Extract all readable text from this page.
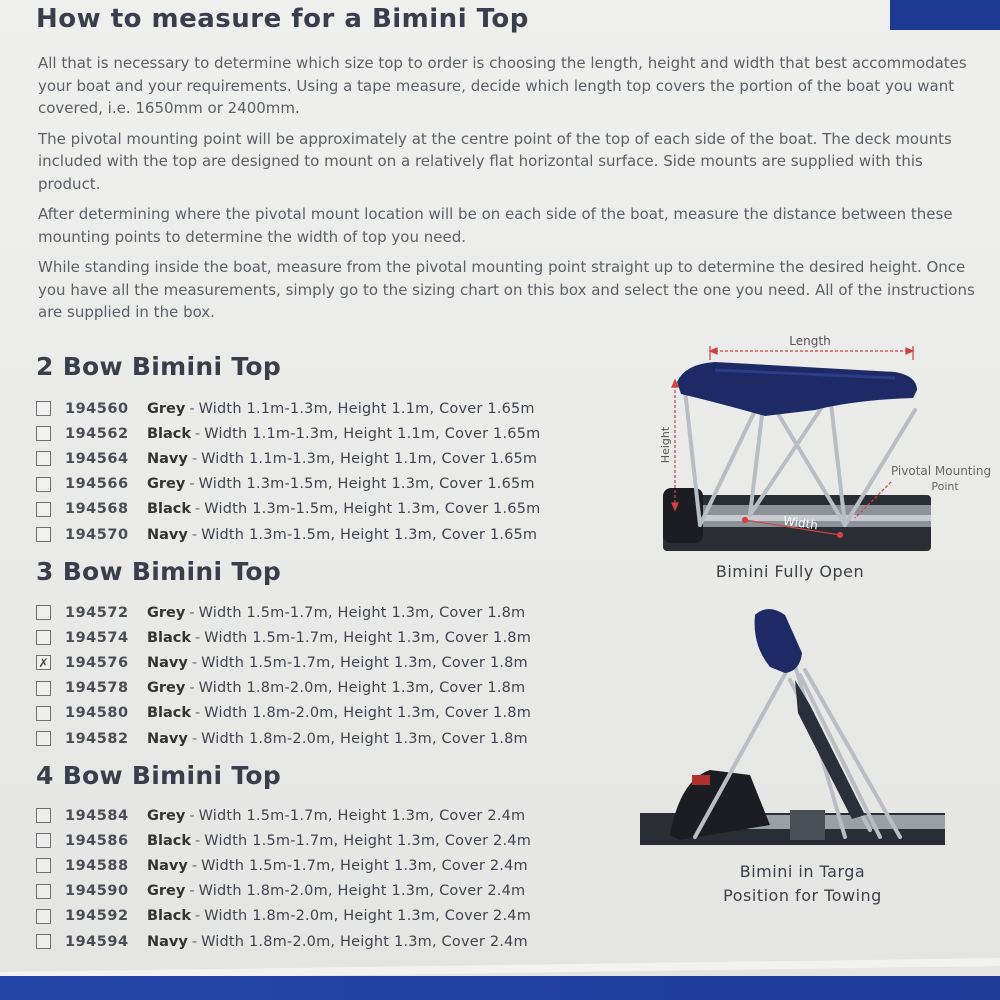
How to measure for a Bimini Top

All that is necessary to determine which size top to order is choosing the length, height and width that best accommodates your boat and your requirements. Using a tape measure, decide which length top covers the portion of the boat you want covered, i.e. 1650mm or 2400mm.

The pivotal mounting point will be approximately at the centre point of the top of each side of the boat. The deck mounts included with the top are designed to mount on a relatively flat horizontal surface. Side mounts are supplied with this product.

After determining where the pivotal mount location will be on each side of the boat, measure the distance between these mounting points to determine the width of top you need.

While standing inside the boat, measure from the pivotal mounting point straight up to determine the desired height. Once you have all the measurements, simply go to the sizing chart on this box and select the one you need. All of the instructions are supplied in the box.

2 Bow Bimini Top
194560	Grey - Width 1.1m-1.3m, Height 1.1m, Cover 1.65m
194562	Black - Width 1.1m-1.3m, Height 1.1m, Cover 1.65m
194564	Navy - Width 1.1m-1.3m, Height 1.1m, Cover 1.65m
194566	Grey - Width 1.3m-1.5m, Height 1.3m, Cover 1.65m
194568	Black - Width 1.3m-1.5m, Height 1.3m, Cover 1.65m
194570	Navy - Width 1.3m-1.5m, Height 1.3m, Cover 1.65m
3 Bow Bimini Top
194572	Grey - Width 1.5m-1.7m, Height 1.3m, Cover 1.8m
194574	Black - Width 1.5m-1.7m, Height 1.3m, Cover 1.8m
✗ 194576	Navy - Width 1.5m-1.7m, Height 1.3m, Cover 1.8m
194578	Grey - Width 1.8m-2.0m, Height 1.3m, Cover 1.8m
194580	Black - Width 1.8m-2.0m, Height 1.3m, Cover 1.8m
194582	Navy - Width 1.8m-2.0m, Height 1.3m, Cover 1.8m
4 Bow Bimini Top
194584	Grey - Width 1.5m-1.7m, Height 1.3m, Cover 2.4m
194586	Black - Width 1.5m-1.7m, Height 1.3m, Cover 2.4m
194588	Navy - Width 1.5m-1.7m, Height 1.3m, Cover 2.4m
194590	Grey - Width 1.8m-2.0m, Height 1.3m, Cover 2.4m
194592	Black - Width 1.8m-2.0m, Height 1.3m, Cover 2.4m
194594	Navy - Width 1.8m-2.0m, Height 1.3m, Cover 2.4m
Length
Height
Width
Pivotal Mounting
Point
Bimini Fully Open
Bimini in Targa
Position for Towing
